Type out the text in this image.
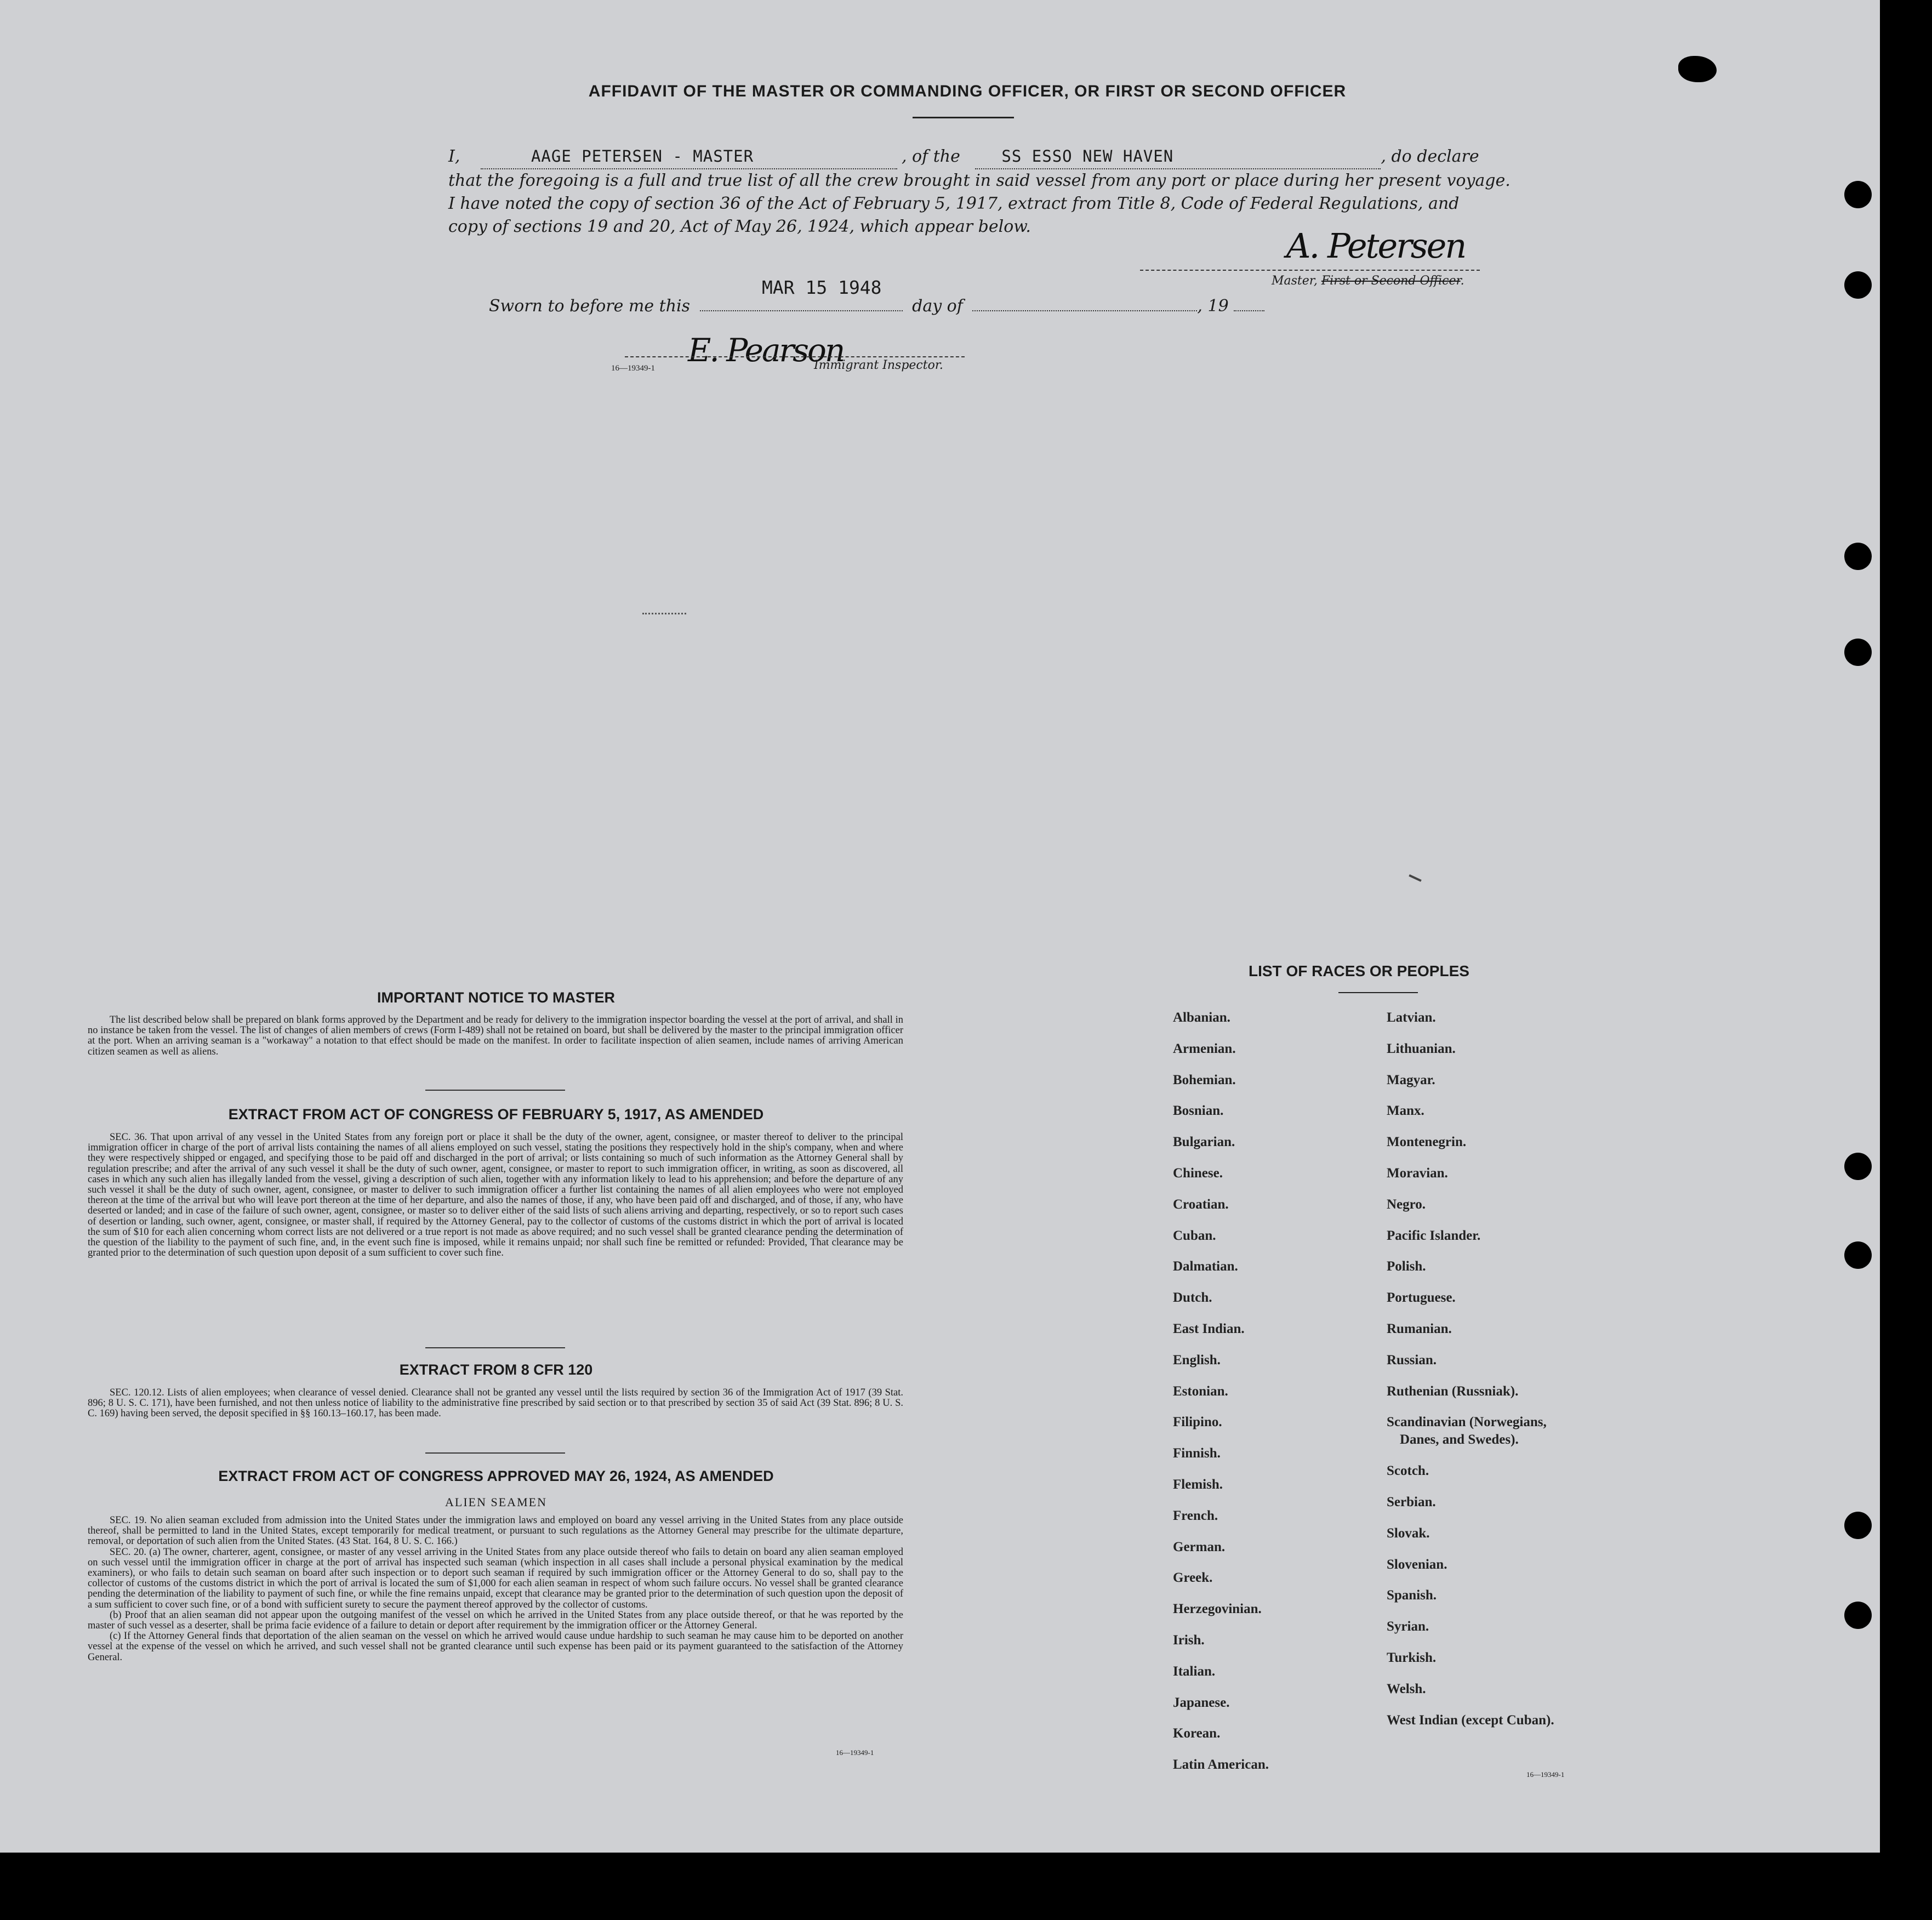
AFFIDAVIT OF THE MASTER OR COMMANDING OFFICER, OR FIRST OR SECOND OFFICER
I,	AAGE PETERSEN - MASTER	, of the	SS ESSO NEW HAVEN	, do declare
that the foregoing is a full and true list of all the crew brought in said vessel from any port or place during her present voyage.
I have noted the copy of section 36 of the Act of February 5, 1917, extract from Title 8, Code of Federal Regulations, and
copy of sections 19 and 20, Act of May 26, 1924, which appear below.	A. Petersen
Master, First or Second Officer.
Sworn to before me this	day of	, 19
MAR 15 1948
E. Pearson
16—19349-1	Immigrant Inspector.
IMPORTANT NOTICE TO MASTER

The list described below shall be prepared on blank forms approved by the Department and be ready for delivery to the immigration inspector boarding the vessel at the port of arrival, and shall in no instance be taken from the vessel. The list of changes of alien members of crews (Form I-489) shall not be retained on board, but shall be delivered by the master to the principal immigration officer at the port. When an arriving seaman is a "workaway" a notation to that effect should be made on the manifest. In order to facilitate inspection of alien seamen, include names of arriving American citizen seamen as well as aliens.

EXTRACT FROM ACT OF CONGRESS OF FEBRUARY 5, 1917, AS AMENDED

SEC. 36. That upon arrival of any vessel in the United States from any foreign port or place it shall be the duty of the owner, agent, consignee, or master thereof to deliver to the principal immigration officer in charge of the port of arrival lists containing the names of all aliens employed on such vessel, stating the positions they respectively hold in the ship's company, when and where they were respectively shipped or engaged, and specifying those to be paid off and discharged in the port of arrival; or lists containing so much of such information as the Attorney General shall by regulation prescribe; and after the arrival of any such vessel it shall be the duty of such owner, agent, consignee, or master to report to such immigration officer, in writing, as soon as discovered, all cases in which any such alien has illegally landed from the vessel, giving a description of such alien, together with any information likely to lead to his apprehension; and before the departure of any such vessel it shall be the duty of such owner, agent, consignee, or master to deliver to such immigration officer a further list containing the names of all alien employees who were not employed thereon at the time of the arrival but who will leave port thereon at the time of her departure, and also the names of those, if any, who have been paid off and discharged, and of those, if any, who have deserted or landed; and in case of the failure of such owner, agent, consignee, or master so to deliver either of the said lists of such aliens arriving and departing, respectively, or so to report such cases of desertion or landing, such owner, agent, consignee, or master shall, if required by the Attorney General, pay to the collector of customs of the customs district in which the port of arrival is located the sum of $10 for each alien concerning whom correct lists are not delivered or a true report is not made as above required; and no such vessel shall be granted clearance pending the determination of the question of the liability to the payment of such fine, and, in the event such fine is imposed, while it remains unpaid; nor shall such fine be remitted or refunded: Provided, That clearance may be granted prior to the determination of such question upon deposit of a sum sufficient to cover such fine.

EXTRACT FROM 8 CFR 120

SEC. 120.12. Lists of alien employees; when clearance of vessel denied. Clearance shall not be granted any vessel until the lists required by section 36 of the Immigration Act of 1917 (39 Stat. 896; 8 U. S. C. 171), have been furnished, and not then unless notice of liability to the administrative fine prescribed by said section or to that prescribed by section 35 of said Act (39 Stat. 896; 8 U. S. C. 169) having been served, the deposit specified in §§ 160.13–160.17, has been made.

EXTRACT FROM ACT OF CONGRESS APPROVED MAY 26, 1924, AS AMENDED
ALIEN SEAMEN

SEC. 19. No alien seaman excluded from admission into the United States under the immigration laws and employed on board any vessel arriving in the United States from any place outside thereof, shall be permitted to land in the United States, except temporarily for medical treatment, or pursuant to such regulations as the Attorney General may prescribe for the ultimate departure, removal, or deportation of such alien from the United States. (43 Stat. 164, 8 U. S. C. 166.)

SEC. 20. (a) The owner, charterer, agent, consignee, or master of any vessel arriving in the United States from any place outside thereof who fails to detain on board any alien seaman employed on such vessel until the immigration officer in charge at the port of arrival has inspected such seaman (which inspection in all cases shall include a personal physical examination by the medical examiners), or who fails to detain such seaman on board after such inspection or to deport such seaman if required by such immigration officer or the Attorney General to do so, shall pay to the collector of customs of the customs district in which the port of arrival is located the sum of $1,000 for each alien seaman in respect of whom such failure occurs. No vessel shall be granted clearance pending the determination of the liability to payment of such fine, or while the fine remains unpaid, except that clearance may be granted prior to the determination of such question upon the deposit of a sum sufficient to cover such fine, or of a bond with sufficient surety to secure the payment thereof approved by the collector of customs.

(b) Proof that an alien seaman did not appear upon the outgoing manifest of the vessel on which he arrived in the United States from any place outside thereof, or that he was reported by the master of such vessel as a deserter, shall be prima facie evidence of a failure to detain or deport after requirement by the immigration officer or the Attorney General.

(c) If the Attorney General finds that deportation of the alien seaman on the vessel on which he arrived would cause undue hardship to such seaman he may cause him to be deported on another vessel at the expense of the vessel on which he arrived, and such vessel shall not be granted clearance until such expense has been paid or its payment guaranteed to the satisfaction of the Attorney General.

16—19349-1
LIST OF RACES OR PEOPLES
Albanian.
Armenian.
Bohemian.
Bosnian.
Bulgarian.
Chinese.
Croatian.
Cuban.
Dalmatian.
Dutch.
East Indian.
English.
Estonian.
Filipino.
Finnish.
Flemish.
French.
German.
Greek.
Herzegovinian.
Irish.
Italian.
Japanese.
Korean.
Latin American.
Latvian.
Lithuanian.
Magyar.
Manx.
Montenegrin.
Moravian.
Negro.
Pacific Islander.
Polish.
Portuguese.
Rumanian.
Russian.
Ruthenian (Russniak).
Scandinavian (Norwegians,
Danes, and Swedes).
Scotch.
Serbian.
Slovak.
Slovenian.
Spanish.
Syrian.
Turkish.
Welsh.
West Indian (except Cuban).
16—19349-1
